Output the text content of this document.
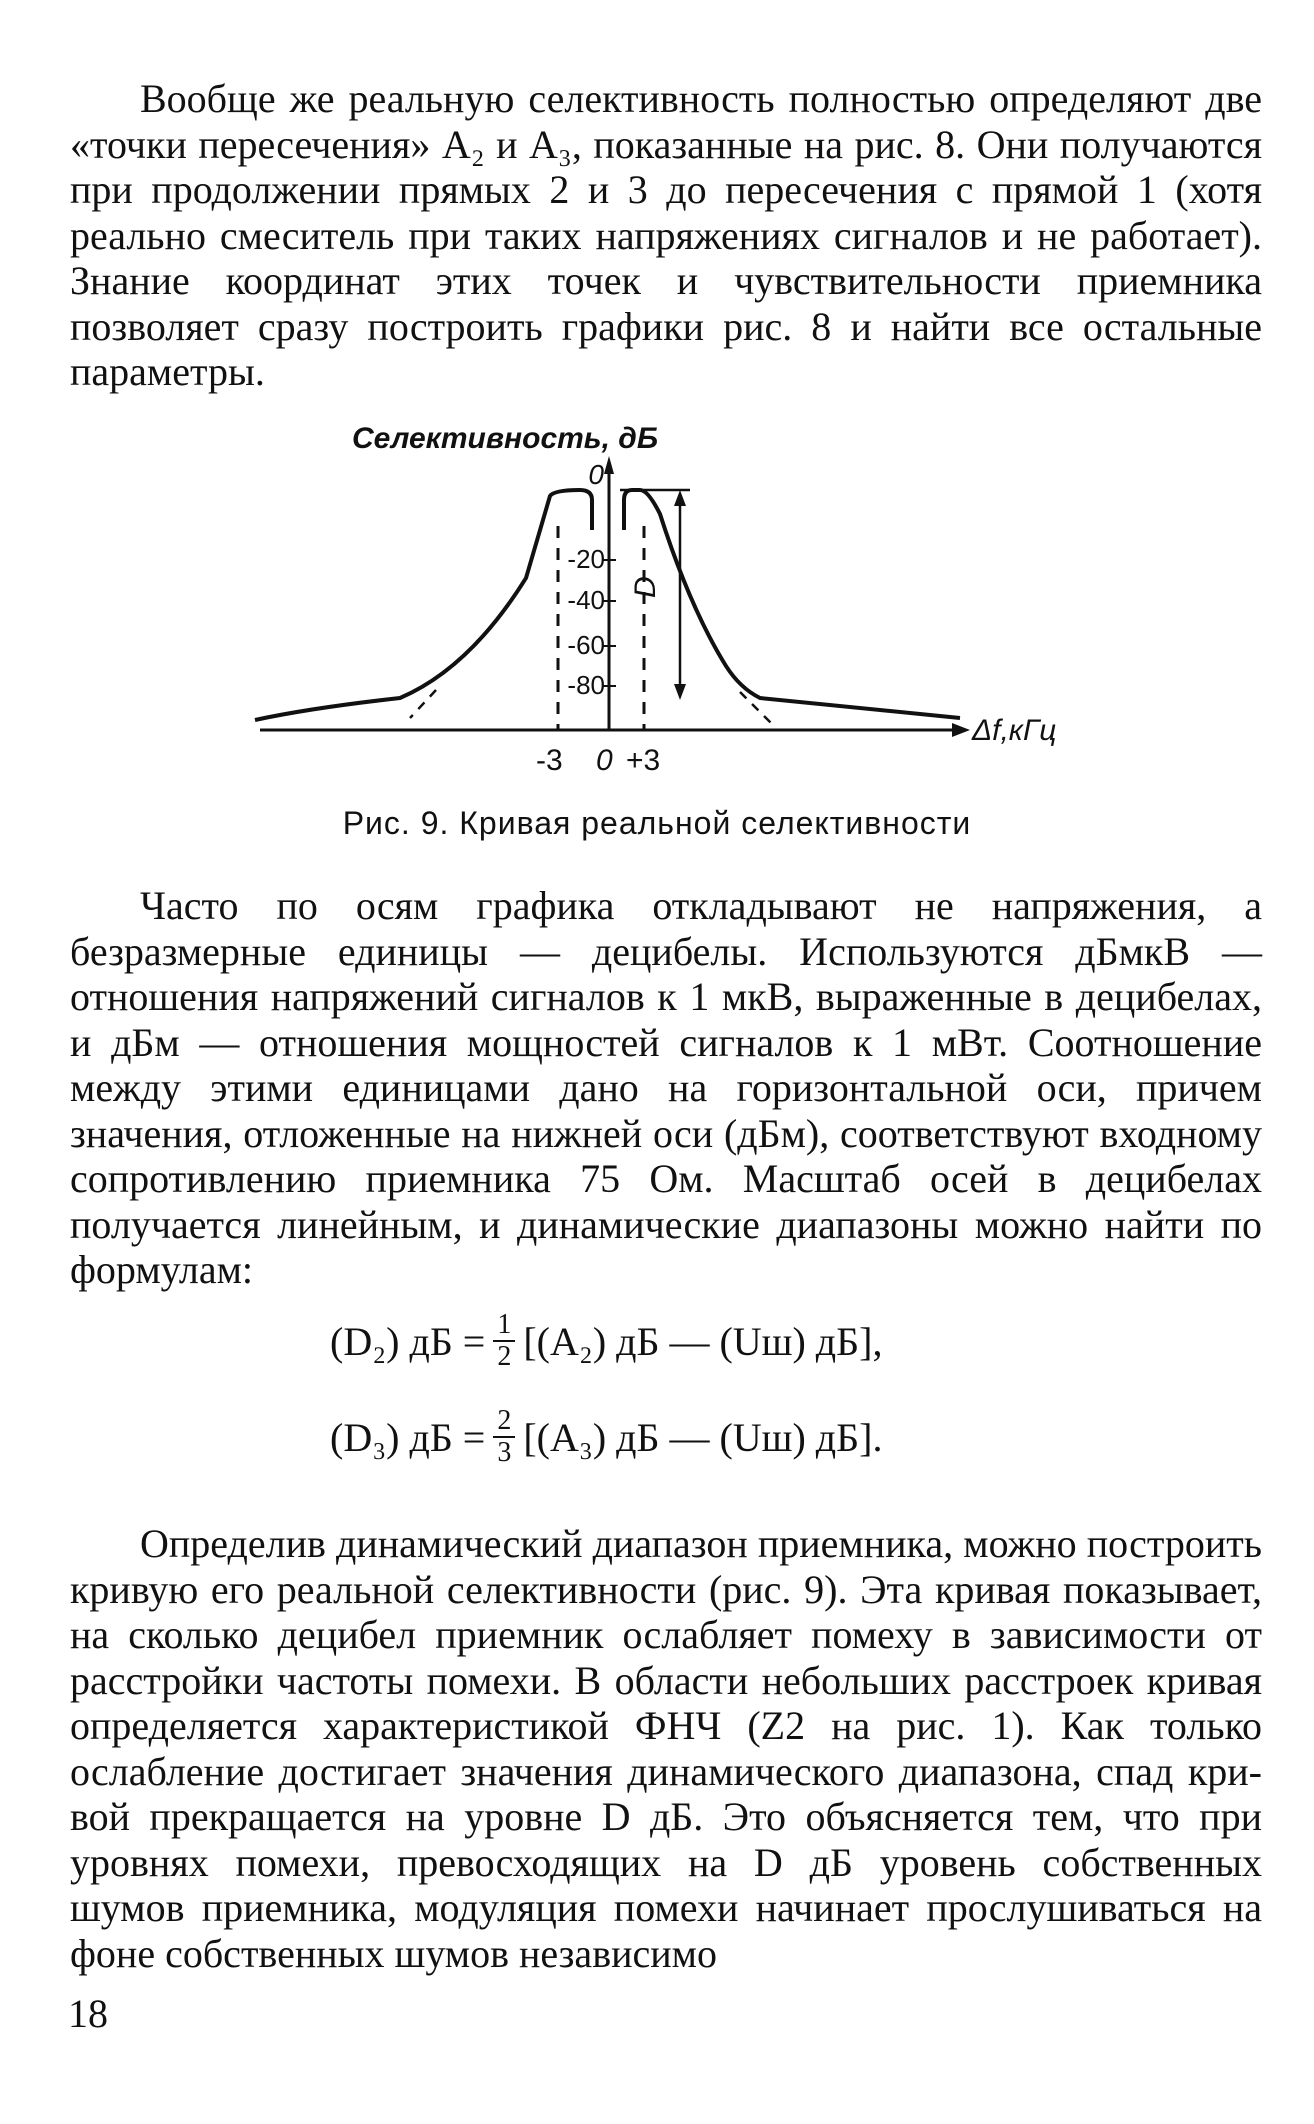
Вообще же реальную селективность полностью определяют две «точки пересечения» A₂ и A₃, показанные на рис. 8. Они получаются при продолжении прямых 2 и 3 до пересечения с прямой 1 (хотя реально смеситель при таких напряжениях сигналов и не работает). Знание координат этих точек и чувствительности приемника позволяет сразу построить графики рис. 8 и найти все остальные параметры.

Селективность, дБ
Δf,кГц
0
-20
-40
-60
-80
-3 0 +3
D
Рис. 9. Кривая реальной селективности

Часто по осям графика откладывают не напряжения, а безразмерные единицы — децибелы. Используются дБмкВ — отношения напряжений сигналов к 1 мкВ, выраженные в децибелах, и дБм — отношения мощностей сигналов к 1 мВт. Соотношение между этими единицами дано на горизонтальной оси, причем значения, отложенные на нижней оси (дБм), соответствуют входному сопротивлению приемника 75 Ом. Масштаб осей в децибелах получается линейным, и динамические диапазоны можно найти по формулам:

(D₂) дБ = $\frac{1}{2} [(A_2)$ дБ — (Uш) дБ],
(D₃) дБ = $\frac{2}{3} [(A_3)$ дБ — (Uш) дБ].

Определив динамический диапазон приемника, можно построить кривую его реальной селективности (рис. 9). Эта кривая показывает, на сколько децибел приемник ослабляет помеху в зависимости от расстройки частоты помехи. В области небольших расстроек кривая определяется характеристикой ФНЧ (Z2 на рис. 1). Как только ослабление достигает значения динамического диапазона, спад кривой прекращается на уровне D дБ. Это объясняется тем, что при уровнях помехи, превосходящих на D дБ уровень собственных шумов приемника, модуляция помехи начинает прослушиваться на фоне собственных шумов независимо

18
